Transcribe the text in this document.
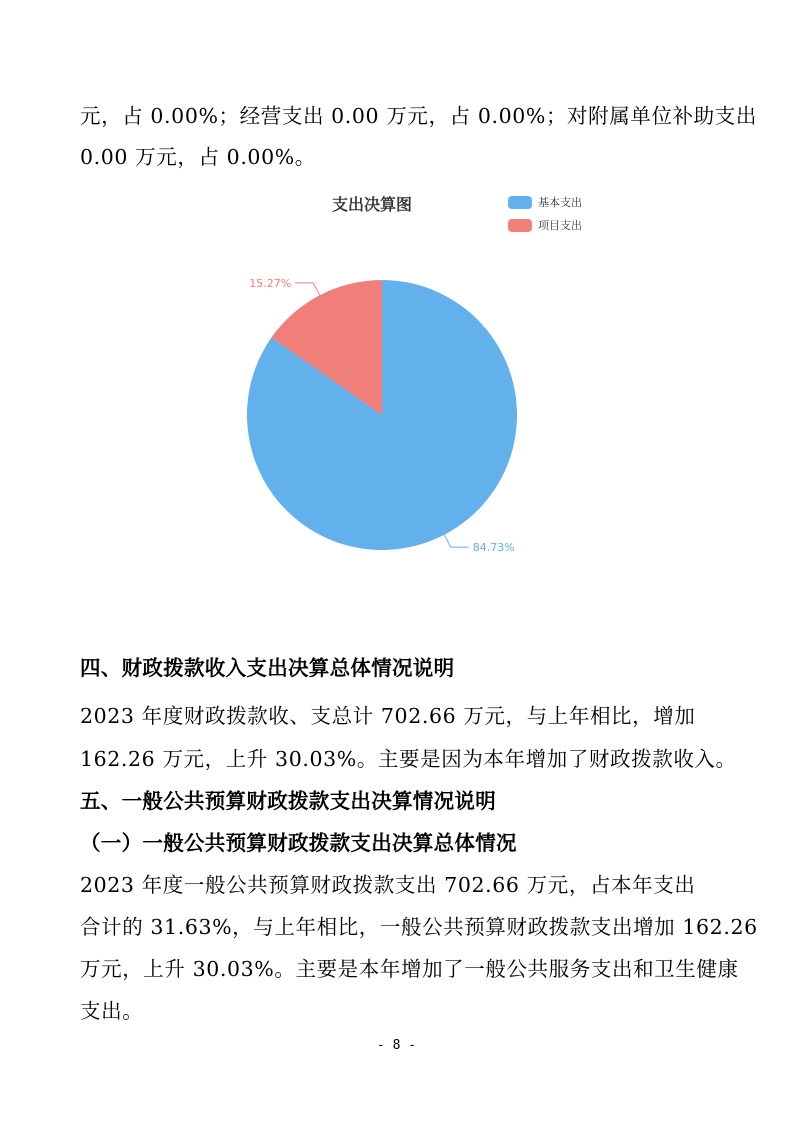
元，占 0.00%；经营支出 0.00 万元，占 0.00%；对附属单位补助支出
0.00 万元，占 0.00%。
支出决算图	基本支出
项目支出
84.73%
15.27%
四、财政拨款收入支出决算总体情况说明
2023 年度财政拨款收、支总计 702.66 万元，与上年相比，增加
162.26 万元，上升 30.03%。主要是因为本年增加了财政拨款收入。
五、一般公共预算财政拨款支出决算情况说明
（一）一般公共预算财政拨款支出决算总体情况
2023 年度一般公共预算财政拨款支出 702.66 万元，占本年支出
合计的 31.63%，与上年相比，一般公共预算财政拨款支出增加 162.26
万元，上升 30.03%。主要是本年增加了一般公共服务支出和卫生健康
支出。
- 8 -
